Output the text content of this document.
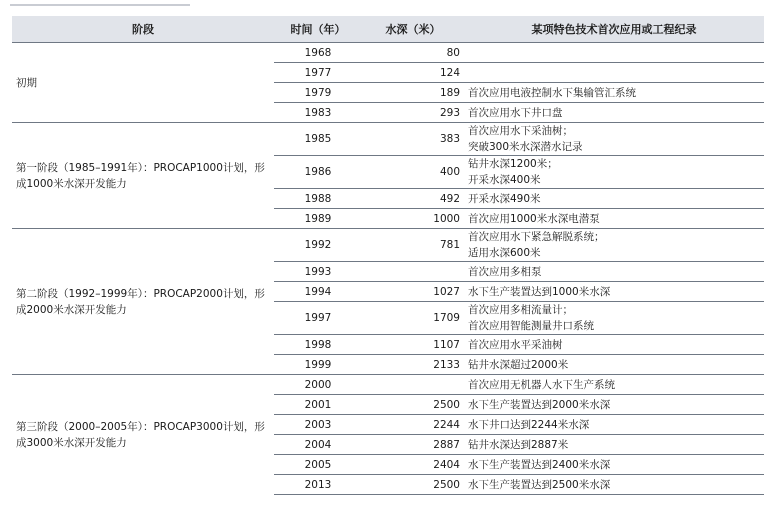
阶段	时间（年）	水深（米）	某项特色技术首次应用或工程纪录
初期	1968	80	
	1977	124	
	1979	189	首次应用电液控制水下集输管汇系统

	1983	293	首次应用水下井口盘

第一阶段（1985–1991年）：PROCAP1000计划，形成1000米水深开发能力	1985	383	首次应用水下采油树；
突破300米水深潜水记录

	1986	400	钻井水深1200米；
开采水深400米

	1988	492	开采水深490米

	1989	1000	首次应用1000米水深电潜泵

第二阶段（1992–1999年）：PROCAP2000计划，形成2000米水深开发能力	1992	781	首次应用水下紧急解脱系统；
适用水深600米

	1993		首次应用多相泵

	1994	1027	水下生产装置达到1000米水深

	1997	1709	首次应用多相流量计；
首次应用智能测量井口系统

	1998	1107	首次应用水平采油树

	1999	2133	钻井水深超过2000米

第三阶段（2000–2005年）：PROCAP3000计划，形成3000米水深开发能力	2000		首次应用无机器人水下生产系统

	2001	2500	水下生产装置达到2000米水深

	2003	2244	水下井口达到2244米水深

	2004	2887	钻井水深达到2887米

	2005	2404	水下生产装置达到2400米水深

	2013	2500	水下生产装置达到2500米水深
